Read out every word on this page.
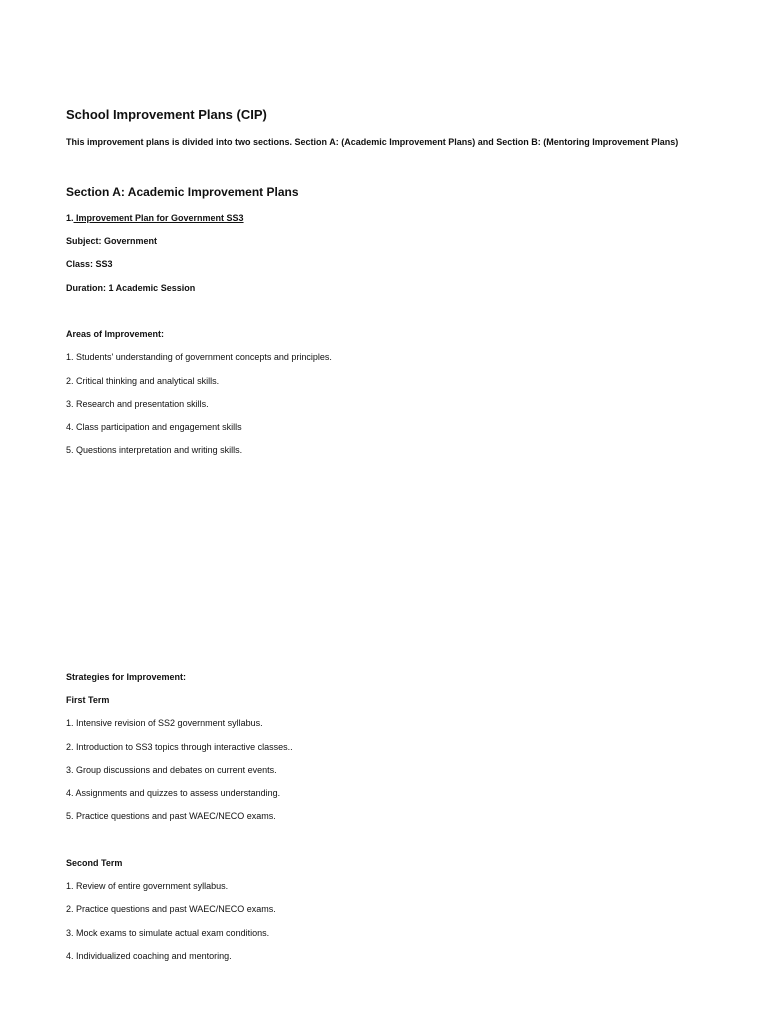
School Improvement Plans (CIP)
This improvement plans is divided into two sections. Section A: (Academic Improvement Plans) and Section B: (Mentoring Improvement Plans)
Section A: Academic Improvement Plans
1. Improvement Plan for Government SS3
Subject: Government
Class: SS3
Duration: 1 Academic Session
Areas of Improvement:
1. Students' understanding of government concepts and principles.
2. Critical thinking and analytical skills.
3. Research and presentation skills.
4. Class participation and engagement skills
5. Questions interpretation and writing skills.
Strategies for Improvement:
First Term
1. Intensive revision of SS2 government syllabus.
2. Introduction to SS3 topics through interactive classes..
3. Group discussions and debates on current events.
4. Assignments and quizzes to assess understanding.
5. Practice questions and past WAEC/NECO exams.
Second Term
1. Review of entire government syllabus.
2. Practice questions and past WAEC/NECO exams.
3. Mock exams to simulate actual exam conditions.
4. Individualized coaching and mentoring.
